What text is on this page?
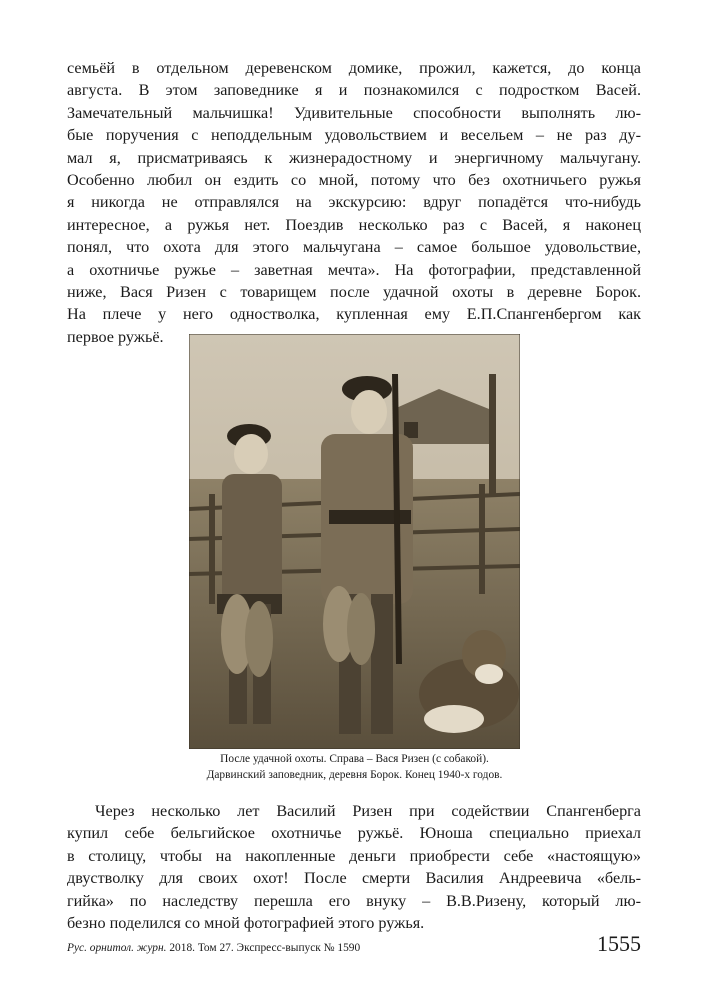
семьёй в отдельном деревенском домике, прожил, кажется, до конца
августа. В этом заповеднике я и познакомился с подростком Васей.
Замечательный мальчишка! Удивительные способности выполнять лю-
бые поручения с неподдельным удовольствием и весельем – не раз ду-
мал я, присматриваясь к жизнерадостному и энергичному мальчугану.
Особенно любил он ездить со мной, потому что без охотничьего ружья
я никогда не отправлялся на экскурсию: вдруг попадётся что-нибудь
интересное, а ружья нет. Поездив несколько раз с Васей, я наконец
понял, что охота для этого мальчугана – самое большое удовольствие,
а охотничье ружье – заветная мечта». На фотографии, представленной
ниже, Вася Ризен с товарищем после удачной охоты в деревне Борок.
На плече у него одностволка, купленная ему Е.П.Спангенбергом как
первое ружьё.
После удачной охоты. Справа – Вася Ризен (с собакой).
Дарвинский заповедник, деревня Борок. Конец 1940-х годов.
Через несколько лет Василий Ризен при содействии Спангенберга
купил себе бельгийское охотничье ружьё. Юноша специально приехал
в столицу, чтобы на накопленные деньги приобрести себе «настоящую»
двустволку для своих охот! После смерти Василия Андреевича «бель-
гийка» по наследству перешла его внуку – В.В.Ризену, который лю-
безно поделился со мной фотографией этого ружья.
Рус. орнитол. журн. 2018. Том 27. Экспресс-выпуск № 1590	1555
